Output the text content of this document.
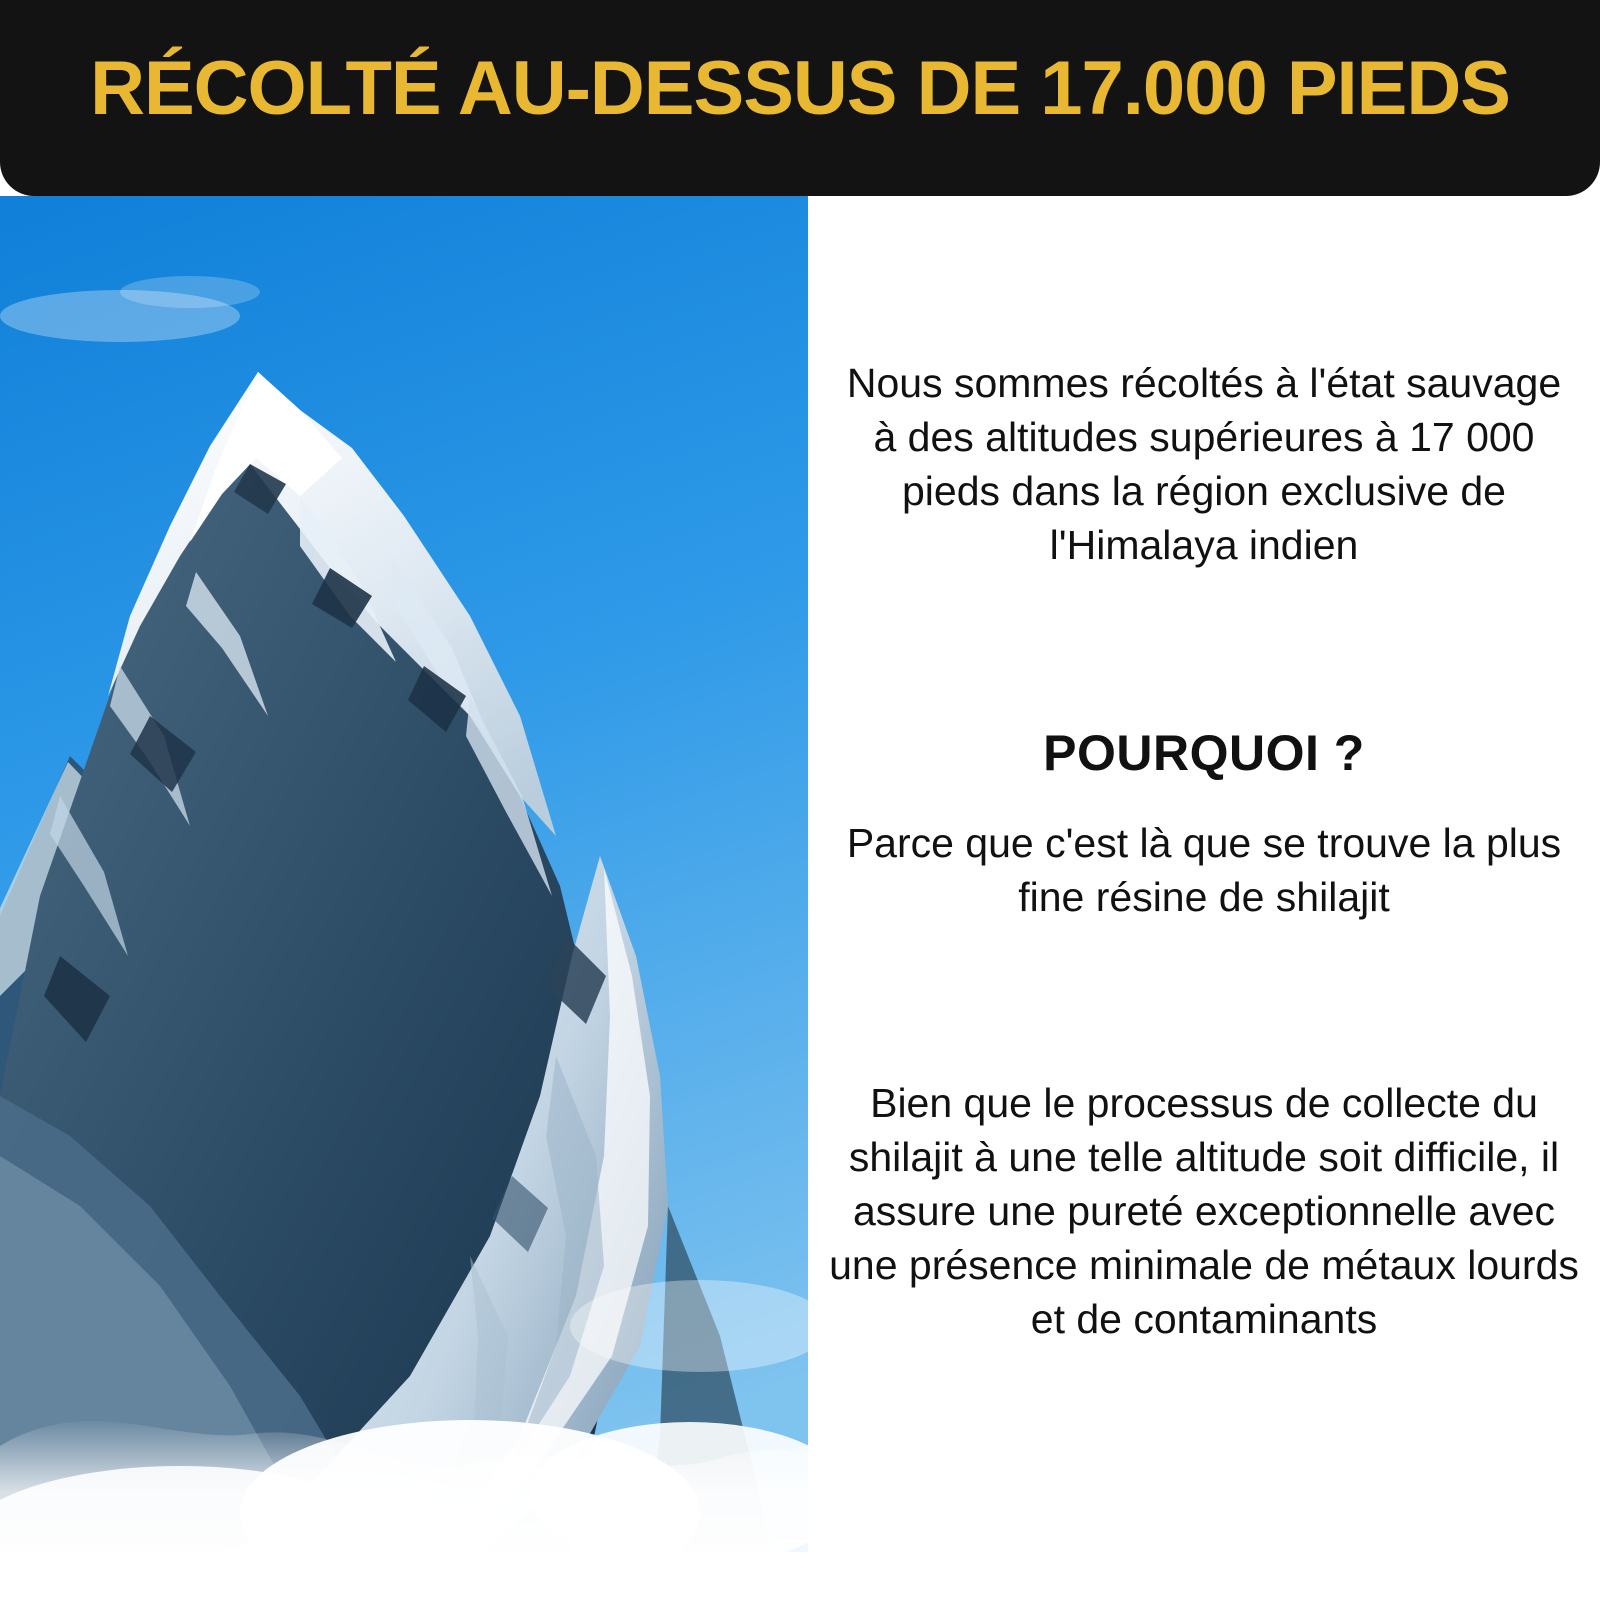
RÉCOLTÉ AU-DESSUS DE 17.000 PIEDS

Nous sommes récoltés à l'état sauvage à des altitudes supérieures à 17 000 pieds dans la région exclusive de l'Himalaya indien

POURQUOI ?

Parce que c'est là que se trouve la plus fine résine de shilajit

Bien que le processus de collecte du shilajit à une telle altitude soit difficile, il assure une pureté exceptionnelle avec une présence minimale de métaux lourds et de contaminants
